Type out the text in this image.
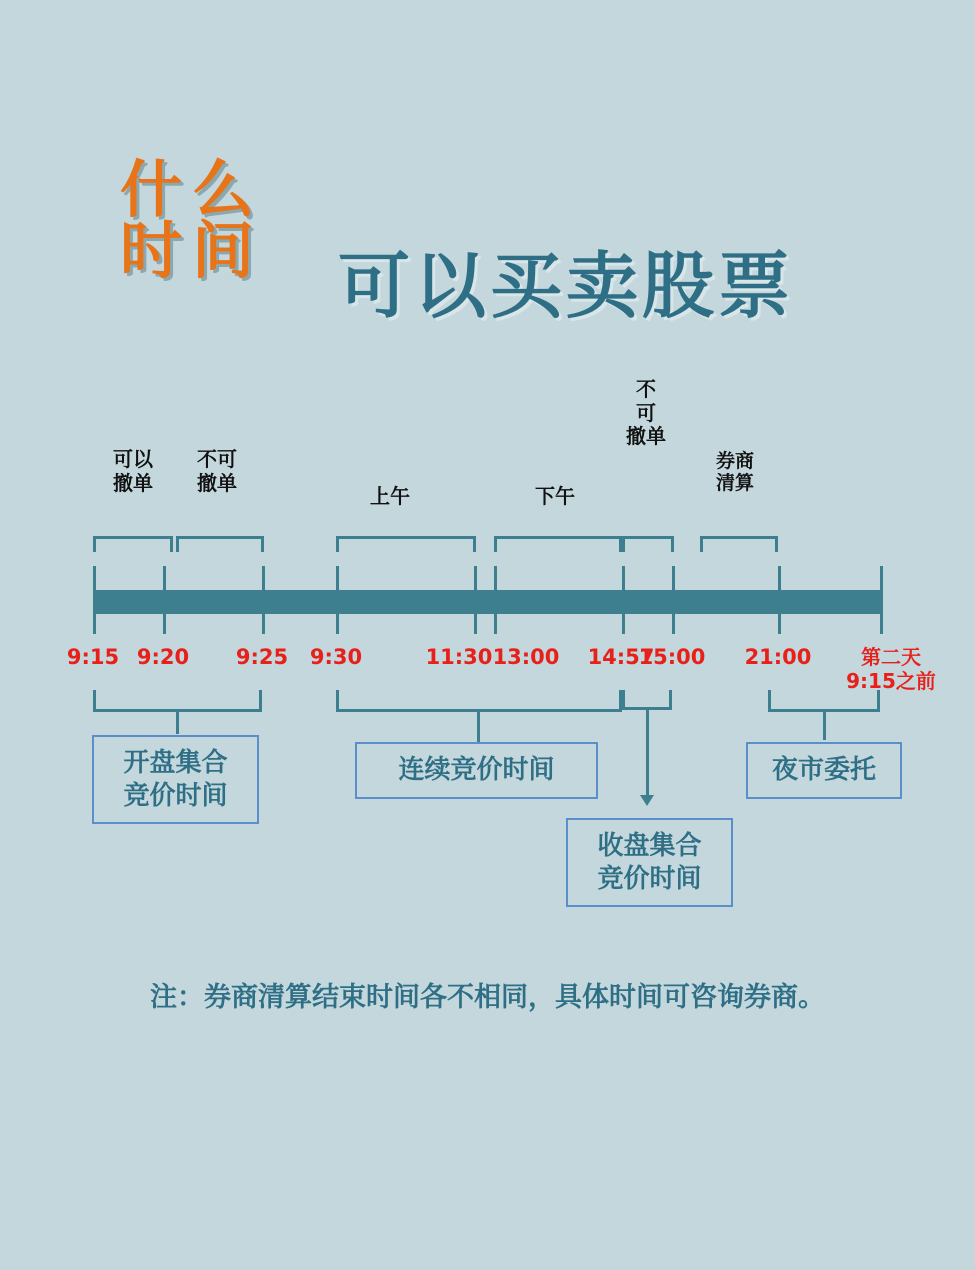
什么
时间	可以买卖股票
可以
撤单
不可
撤单
上午	下午
不
可
撤单
券商
清算
9:15 9:20	9:25	9:30	11:30 13:00	14:57
15:00	21:00	第二天
9:15之前
开盘集合
竞价时间
连续竞价时间
收盘集合
竞价时间
夜市委托
注：券商清算结束时间各不相同，具体时间可咨询券商。
